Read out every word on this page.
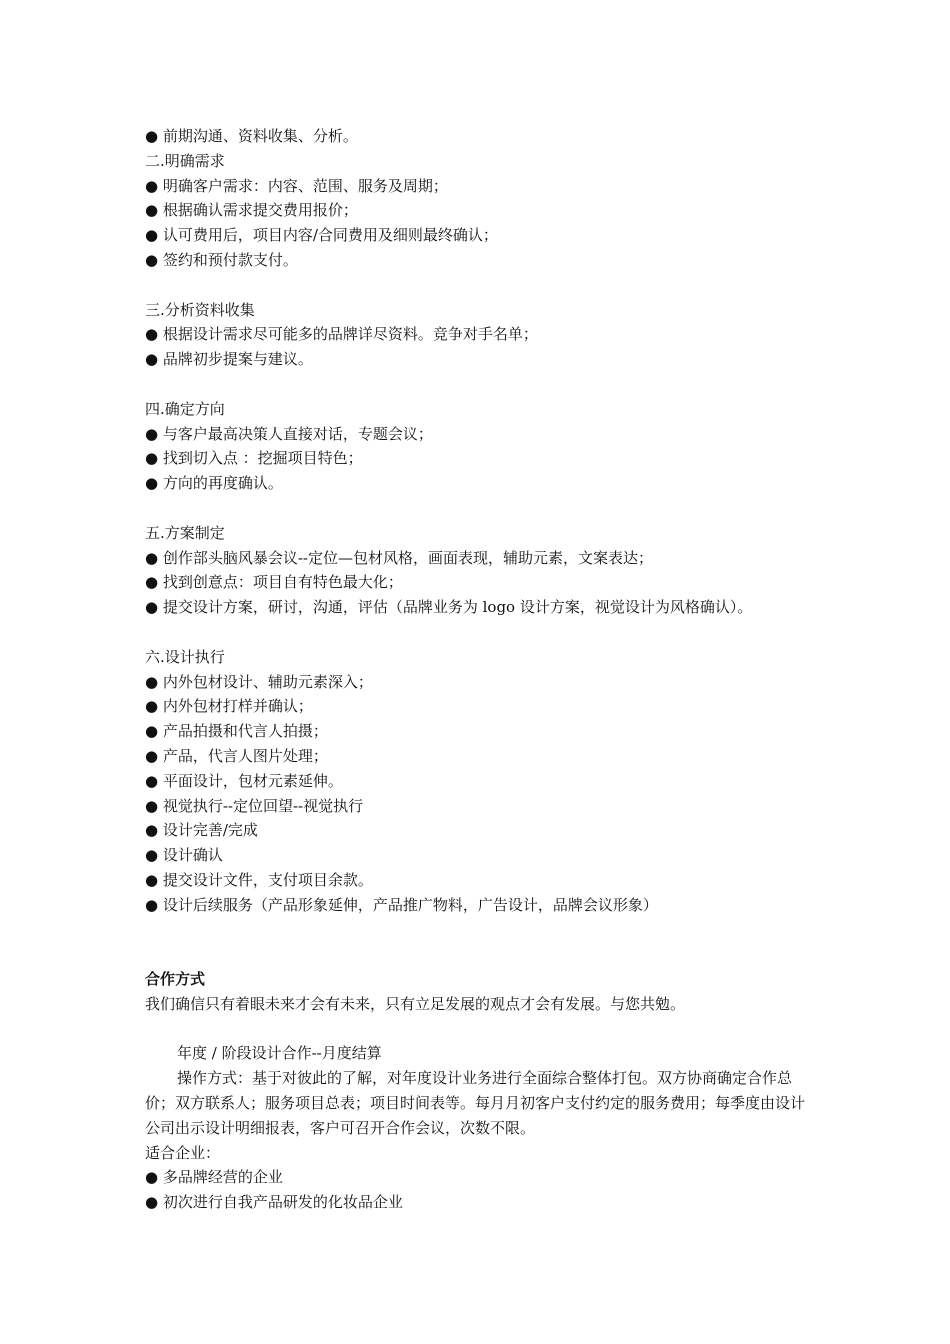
● 前期沟通、资料收集、分析。
二.明确需求
● 明确客户需求：内容、范围、服务及周期；
● 根据确认需求提交费用报价；
● 认可费用后，项目内容/合同费用及细则最终确认；
● 签约和预付款支付。
三.分析资料收集
● 根据设计需求尽可能多的品牌详尽资料。竞争对手名单；
● 品牌初步提案与建议。
四.确定方向
● 与客户最高决策人直接对话，专题会议；
● 找到切入点 ：挖掘项目特色；
● 方向的再度确认。
五.方案制定
● 创作部头脑风暴会议--定位—包材风格，画面表现，辅助元素，文案表达；
● 找到创意点：项目自有特色最大化；
● 提交设计方案，研讨，沟通，评估（品牌业务为 logo 设计方案，视觉设计为风格确认）。
六.设计执行
● 内外包材设计、辅助元素深入；
● 内外包材打样并确认；
● 产品拍摄和代言人拍摄；
● 产品，代言人图片处理；
● 平面设计，包材元素延伸。
● 视觉执行--定位回望--视觉执行
● 设计完善/完成
● 设计确认
● 提交设计文件，支付项目余款。
● 设计后续服务（产品形象延伸，产品推广物料，广告设计，品牌会议形象）
合作方式
我们确信只有着眼未来才会有未来，只有立足发展的观点才会有发展。与您共勉。
年度 / 阶段设计合作--月度结算
操作方式：基于对彼此的了解，对年度设计业务进行全面综合整体打包。双方协商确定合作总价；双方联系人；服务项目总表；项目时间表等。每月月初客户支付约定的服务费用；每季度由设计公司出示设计明细报表，客户可召开合作会议，次数不限。
适合企业：
● 多品牌经营的企业
● 初次进行自我产品研发的化妆品企业
